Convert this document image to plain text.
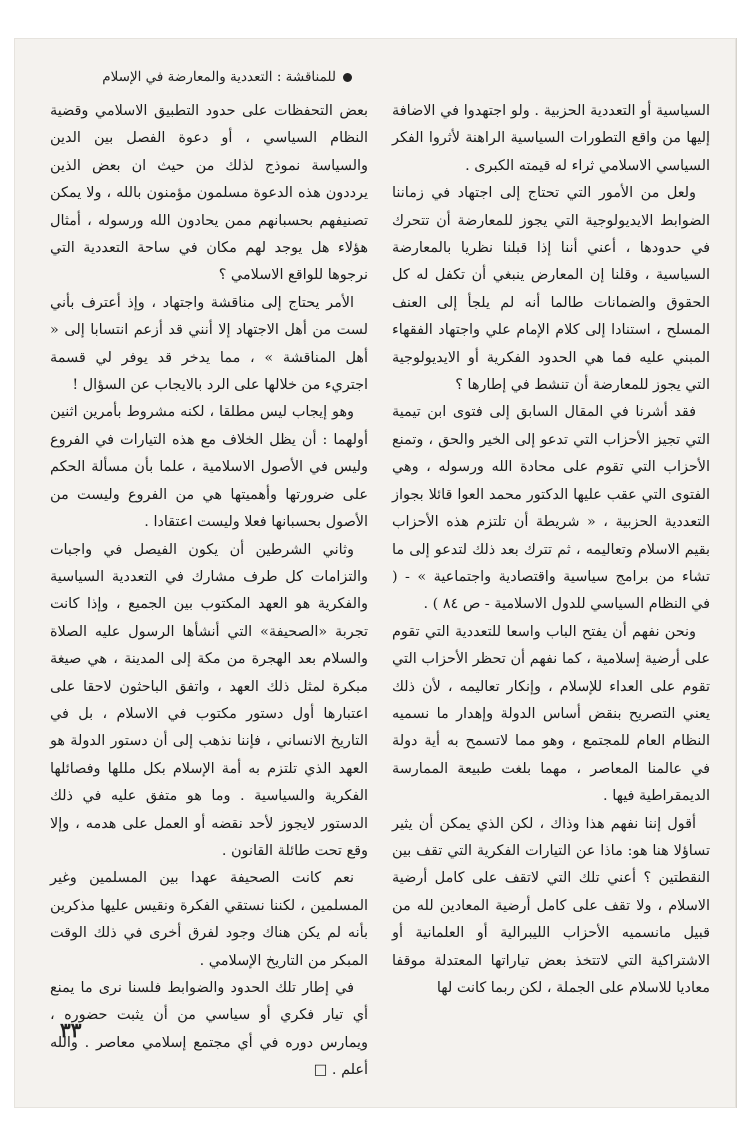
للمناقشة : التعددية والمعارضة في الإسلام

السياسية أو التعددية الحزبية . ولو اجتهدوا في الاضافة إليها من واقع التطورات السياسية الراهنة لأثروا الفكر السياسي الاسلامي ثراء له قيمته الكبرى .

ولعل من الأمور التي تحتاج إلى اجتهاد في زماننا الضوابط الايديولوجية التي يجوز للمعارضة أن تتحرك في حدودها ، أعني أننا إذا قبلنا نظريا بالمعارضة السياسية ، وقلنا إن المعارض ينبغي أن تكفل له كل الحقوق والضمانات طالما أنه لم يلجأ إلى العنف المسلح ، استنادا إلى كلام الإمام علي واجتهاد الفقهاء المبني عليه فما هي الحدود الفكرية أو الايديولوجية التي يجوز للمعارضة أن تنشط في إطارها ؟

فقد أشرنا في المقال السابق إلى فتوى ابن تيمية التي تجيز الأحزاب التي تدعو إلى الخير والحق ، وتمنع الأحزاب التي تقوم على محادة الله ورسوله ، وهي الفتوى التي عقب عليها الدكتور محمد العوا قائلا بجواز التعددية الحزبية ، « شريطة أن تلتزم هذه الأحزاب بقيم الاسلام وتعاليمه ، ثم تترك بعد ذلك لتدعو إلى ما تشاء من برامج سياسية واقتصادية واجتماعية » - ( في النظام السياسي للدول الاسلامية - ص ٨٤ ) .

ونحن نفهم أن يفتح الباب واسعا للتعددية التي تقوم على أرضية إسلامية ، كما نفهم أن تحظر الأحزاب التي تقوم على العداء للإسلام ، وإنكار تعاليمه ، لأن ذلك يعني التصريح بنقض أساس الدولة وإهدار ما نسميه النظام العام للمجتمع ، وهو مما لاتسمح به أية دولة في عالمنا المعاصر ، مهما بلغت طبيعة الممارسة الديمقراطية فيها .

أقول إننا نفهم هذا وذاك ، لكن الذي يمكن أن يثير تساؤلا هنا هو: ماذا عن التيارات الفكرية التي تقف بين النقطتين ؟ أعني تلك التي لاتقف على كامل أرضية الاسلام ، ولا تقف على كامل أرضية المعادين لله من قبيل مانسميه الأحزاب الليبرالية أو العلمانية أو الاشتراكية التي لاتتخذ بعض تياراتها المعتدلة موقفا معاديا للاسلام على الجملة ، لكن ربما كانت لها

بعض التحفظات على حدود التطبيق الاسلامي وقضية النظام السياسي ، أو دعوة الفصل بين الدين والسياسة نموذج لذلك من حيث ان بعض الذين يرددون هذه الدعوة مسلمون مؤمنون بالله ، ولا يمكن تصنيفهم بحسبانهم ممن يحادون الله ورسوله ، أمثال هؤلاء هل يوجد لهم مكان في ساحة التعددية التي نرجوها للواقع الاسلامي ؟

الأمر يحتاج إلى مناقشة واجتهاد ، وإذ أعترف بأني لست من أهل الاجتهاد إلا أنني قد أزعم انتسابا إلى « أهل المناقشة » ، مما يدخر قد يوفر لي قسمة اجتريء من خلالها على الرد بالايجاب عن السؤال !

وهو إيجاب ليس مطلقا ، لكنه مشروط بأمرين اثنين أولهما : أن يظل الخلاف مع هذه التيارات في الفروع وليس في الأصول الاسلامية ، علما بأن مسألة الحكم على ضرورتها وأهميتها هي من الفروع وليست من الأصول بحسبانها فعلا وليست اعتقادا .

وثاني الشرطين أن يكون الفيصل في واجبات والتزامات كل طرف مشارك في التعددية السياسية والفكرية هو العهد المكتوب بين الجميع ، وإذا كانت تجربة «الصحيفة» التي أنشأها الرسول عليه الصلاة والسلام بعد الهجرة من مكة إلى المدينة ، هي صيغة مبكرة لمثل ذلك العهد ، واتفق الباحثون لاحقا على اعتبارها أول دستور مكتوب في الاسلام ، بل في التاريخ الانساني ، فإننا نذهب إلى أن دستور الدولة هو العهد الذي تلتزم به أمة الإسلام بكل مللها وفصائلها الفكرية والسياسية . وما هو متفق عليه في ذلك الدستور لايجوز لأحد نقضه أو العمل على هدمه ، وإلا وقع تحت طائلة القانون .

نعم كانت الصحيفة عهدا بين المسلمين وغير المسلمين ، لكننا نستقي الفكرة ونقيس عليها مذكرين بأنه لم يكن هناك وجود لفرق أخرى في ذلك الوقت المبكر من التاريخ الإسلامي .

في إطار تلك الحدود والضوابط فلسنا نرى ما يمنع أي تيار فكري أو سياسي من أن يثبت حضوره ، ويمارس دوره في أي مجتمع إسلامي معاصر . والله أعلم . □

٣٣
